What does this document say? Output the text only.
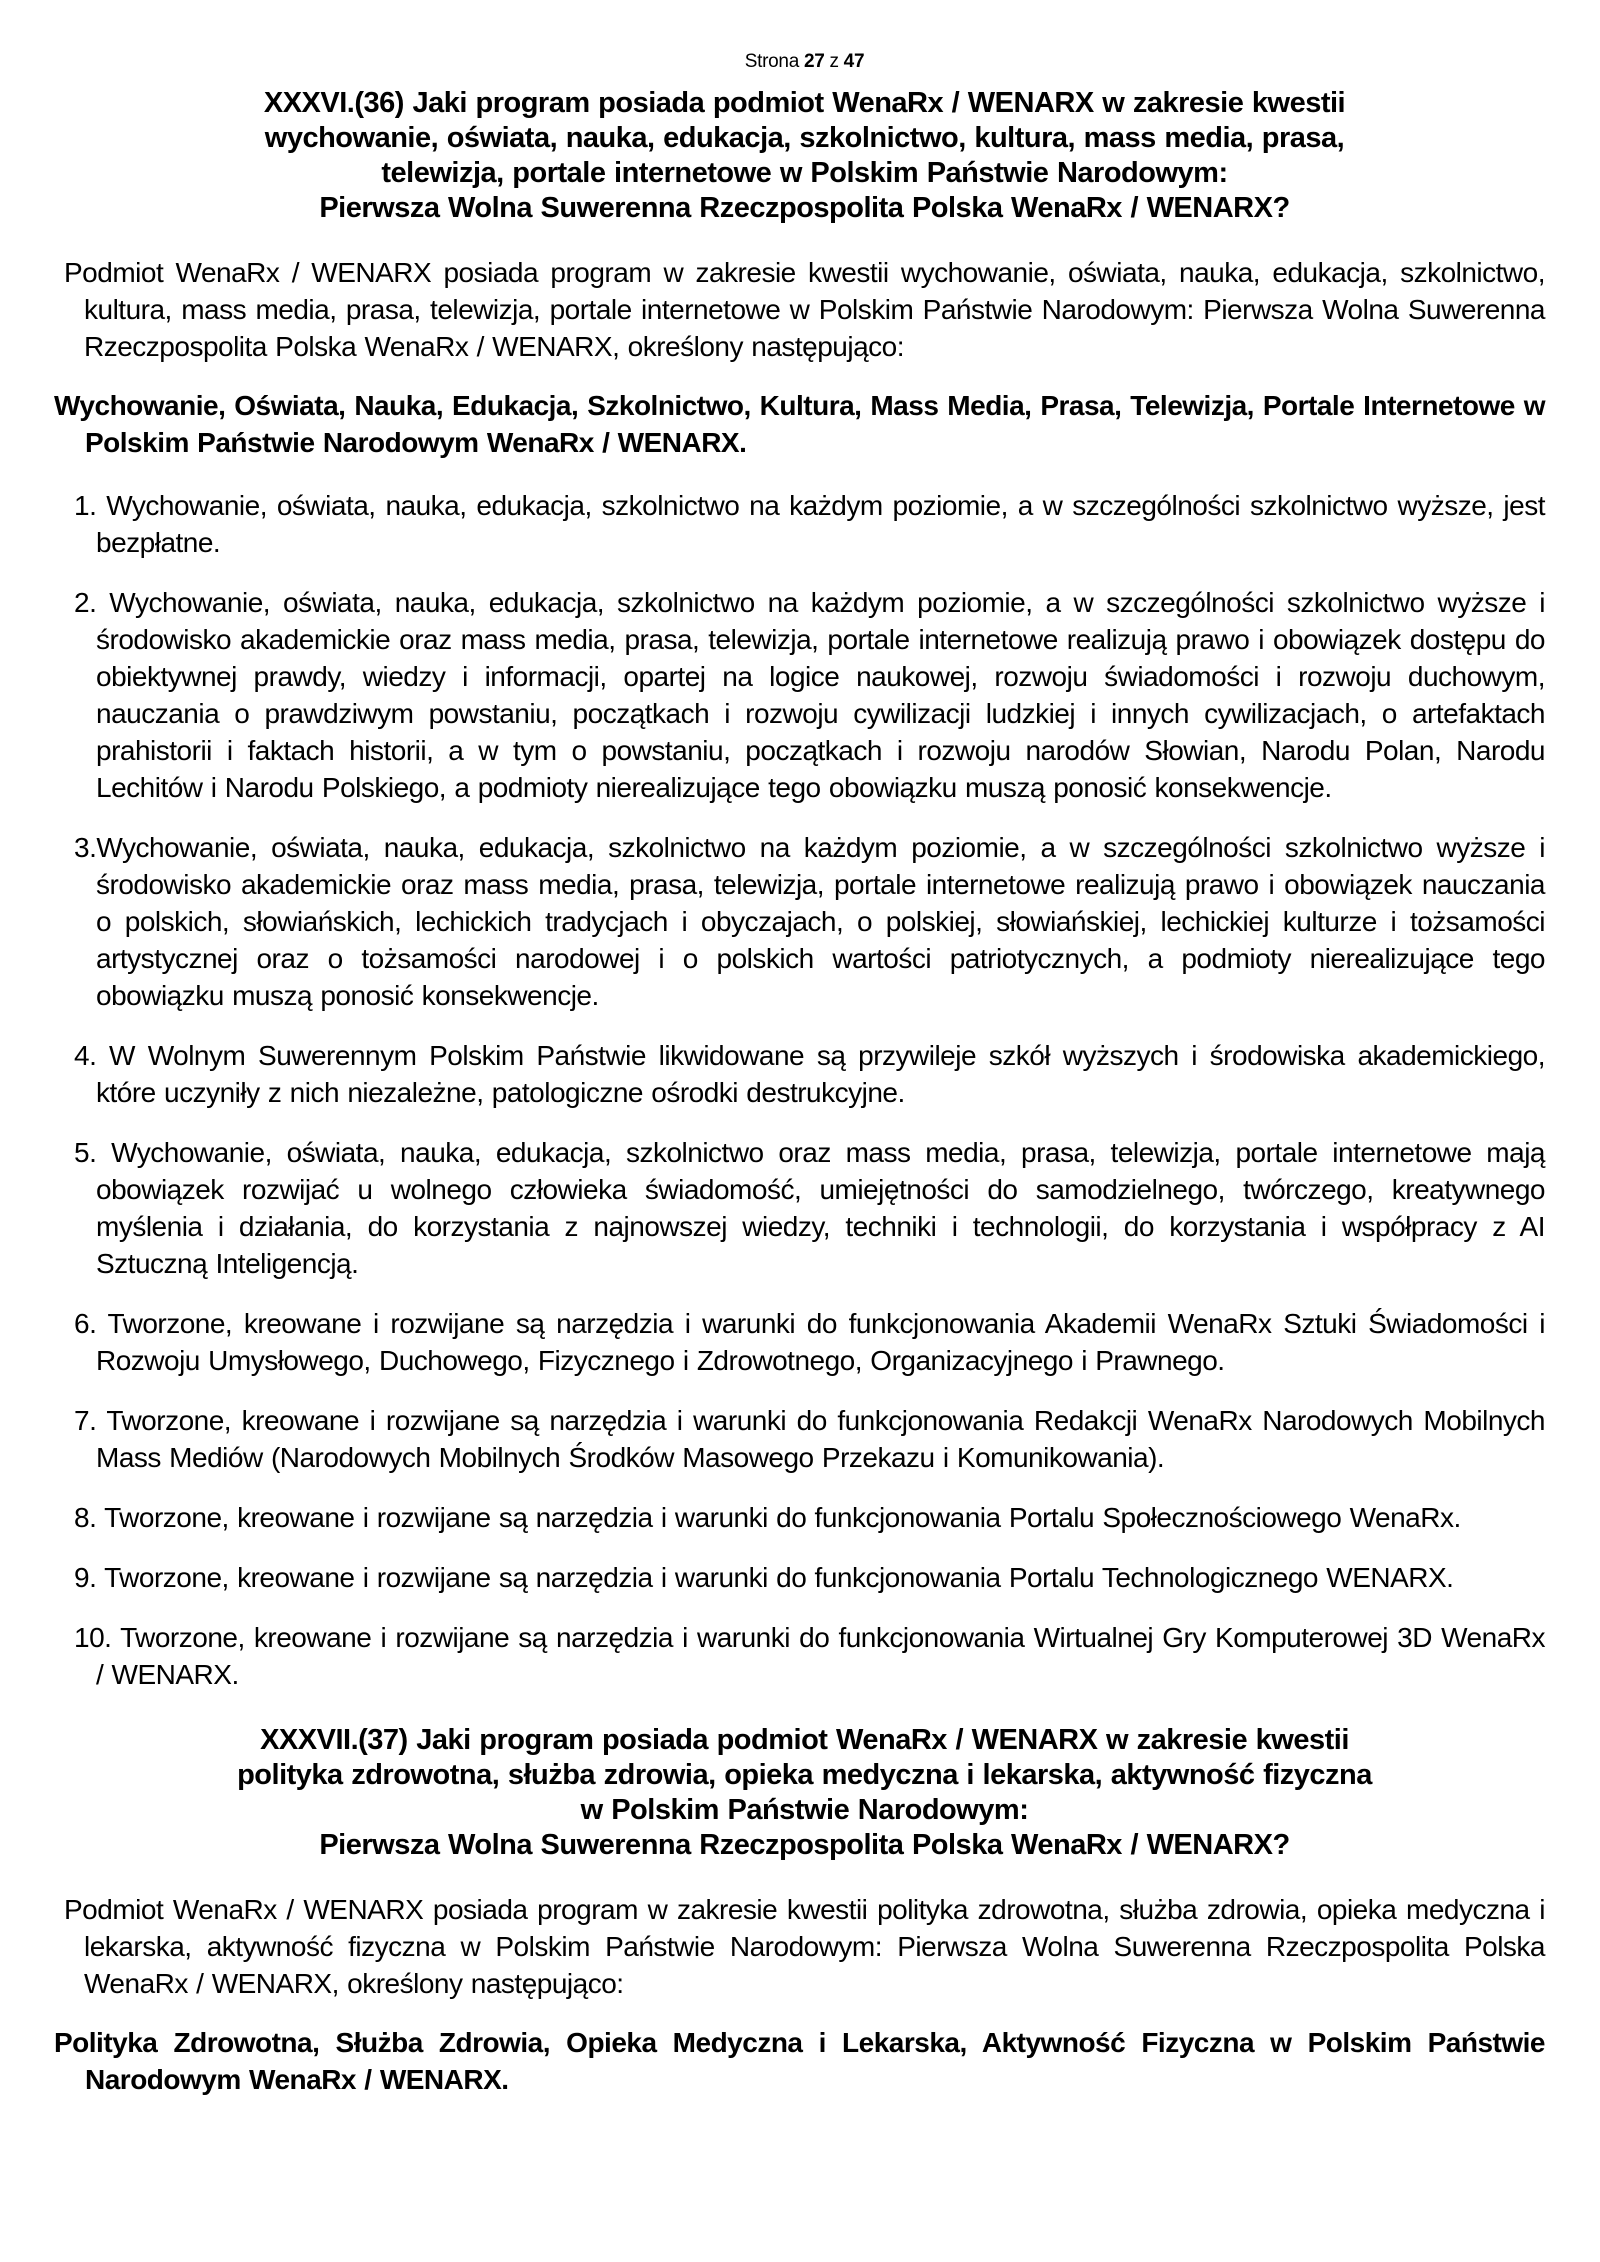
Strona 27 z 47
XXXVI.(36) Jaki program posiada podmiot WenaRx / WENARX w zakresie kwestii
wychowanie, oświata, nauka, edukacja, szkolnictwo, kultura, mass media, prasa,
telewizja, portale internetowe w Polskim Państwie Narodowym:
Pierwsza Wolna Suwerenna Rzeczpospolita Polska WenaRx / WENARX?

Podmiot WenaRx / WENARX posiada program w zakresie kwestii wychowanie, oświata, nauka, edukacja, szkolnictwo, kultura, mass media, prasa, telewizja, portale internetowe w Polskim Państwie Narodowym: Pierwsza Wolna Suwerenna Rzeczpospolita Polska WenaRx / WENARX, określony następująco:

Wychowanie, Oświata, Nauka, Edukacja, Szkolnictwo, Kultura, Mass Media, Prasa, Telewizja, Portale Internetowe w Polskim Państwie Narodowym WenaRx / WENARX.

1. Wychowanie, oświata, nauka, edukacja, szkolnictwo na każdym poziomie, a w szczególności szkolnictwo wyższe, jest bezpłatne.

2. Wychowanie, oświata, nauka, edukacja, szkolnictwo na każdym poziomie, a w szczególności szkolnictwo wyższe i środowisko akademickie oraz mass media, prasa, telewizja, portale internetowe realizują prawo i obowiązek dostępu do obiektywnej prawdy, wiedzy i informacji, opartej na logice naukowej, rozwoju świadomości i rozwoju duchowym, nauczania o prawdziwym powstaniu, początkach i rozwoju cywilizacji ludzkiej i innych cywilizacjach, o artefaktach prahistorii i faktach historii, a w tym o powstaniu, początkach i rozwoju narodów Słowian, Narodu Polan, Narodu Lechitów i Narodu Polskiego, a podmioty nierealizujące tego obowiązku muszą ponosić konsekwencje.

3.Wychowanie, oświata, nauka, edukacja, szkolnictwo na każdym poziomie, a w szczególności szkolnictwo wyższe i środowisko akademickie oraz mass media, prasa, telewizja, portale internetowe realizują prawo i obowiązek nauczania o polskich, słowiańskich, lechickich tradycjach i obyczajach, o polskiej, słowiańskiej, lechickiej kulturze i tożsamości artystycznej oraz o tożsamości narodowej i o polskich wartości patriotycznych, a podmioty nierealizujące tego obowiązku muszą ponosić konsekwencje.

4. W Wolnym Suwerennym Polskim Państwie likwidowane są przywileje szkół wyższych i środowiska akademickiego, które uczyniły z nich niezależne, patologiczne ośrodki destrukcyjne.

5. Wychowanie, oświata, nauka, edukacja, szkolnictwo oraz mass media, prasa, telewizja, portale internetowe mają obowiązek rozwijać u wolnego człowieka świadomość, umiejętności do samodzielnego, twórczego, kreatywnego myślenia i działania, do korzystania z najnowszej wiedzy, techniki i technologii, do korzystania i współpracy z AI Sztuczną Inteligencją.

6. Tworzone, kreowane i rozwijane są narzędzia i warunki do funkcjonowania Akademii WenaRx Sztuki Świadomości i Rozwoju Umysłowego, Duchowego, Fizycznego i Zdrowotnego, Organizacyjnego i Prawnego.

7. Tworzone, kreowane i rozwijane są narzędzia i warunki do funkcjonowania Redakcji WenaRx Narodowych Mobilnych Mass Mediów (Narodowych Mobilnych Środków Masowego Przekazu i Komunikowania).

8. Tworzone, kreowane i rozwijane są narzędzia i warunki do funkcjonowania Portalu Społecznościowego WenaRx.

9. Tworzone, kreowane i rozwijane są narzędzia i warunki do funkcjonowania Portalu Technologicznego WENARX.

10. Tworzone, kreowane i rozwijane są narzędzia i warunki do funkcjonowania Wirtualnej Gry Komputerowej 3D WenaRx / WENARX.

XXXVII.(37) Jaki program posiada podmiot WenaRx / WENARX w zakresie kwestii
polityka zdrowotna, służba zdrowia, opieka medyczna i lekarska, aktywność fizyczna
w Polskim Państwie Narodowym:
Pierwsza Wolna Suwerenna Rzeczpospolita Polska WenaRx / WENARX?

Podmiot WenaRx / WENARX posiada program w zakresie kwestii polityka zdrowotna, służba zdrowia, opieka medyczna i lekarska, aktywność fizyczna w Polskim Państwie Narodowym: Pierwsza Wolna Suwerenna Rzeczpospolita Polska WenaRx / WENARX, określony następująco:

Polityka Zdrowotna, Służba Zdrowia, Opieka Medyczna i Lekarska, Aktywność Fizyczna w Polskim Państwie Narodowym WenaRx / WENARX.
